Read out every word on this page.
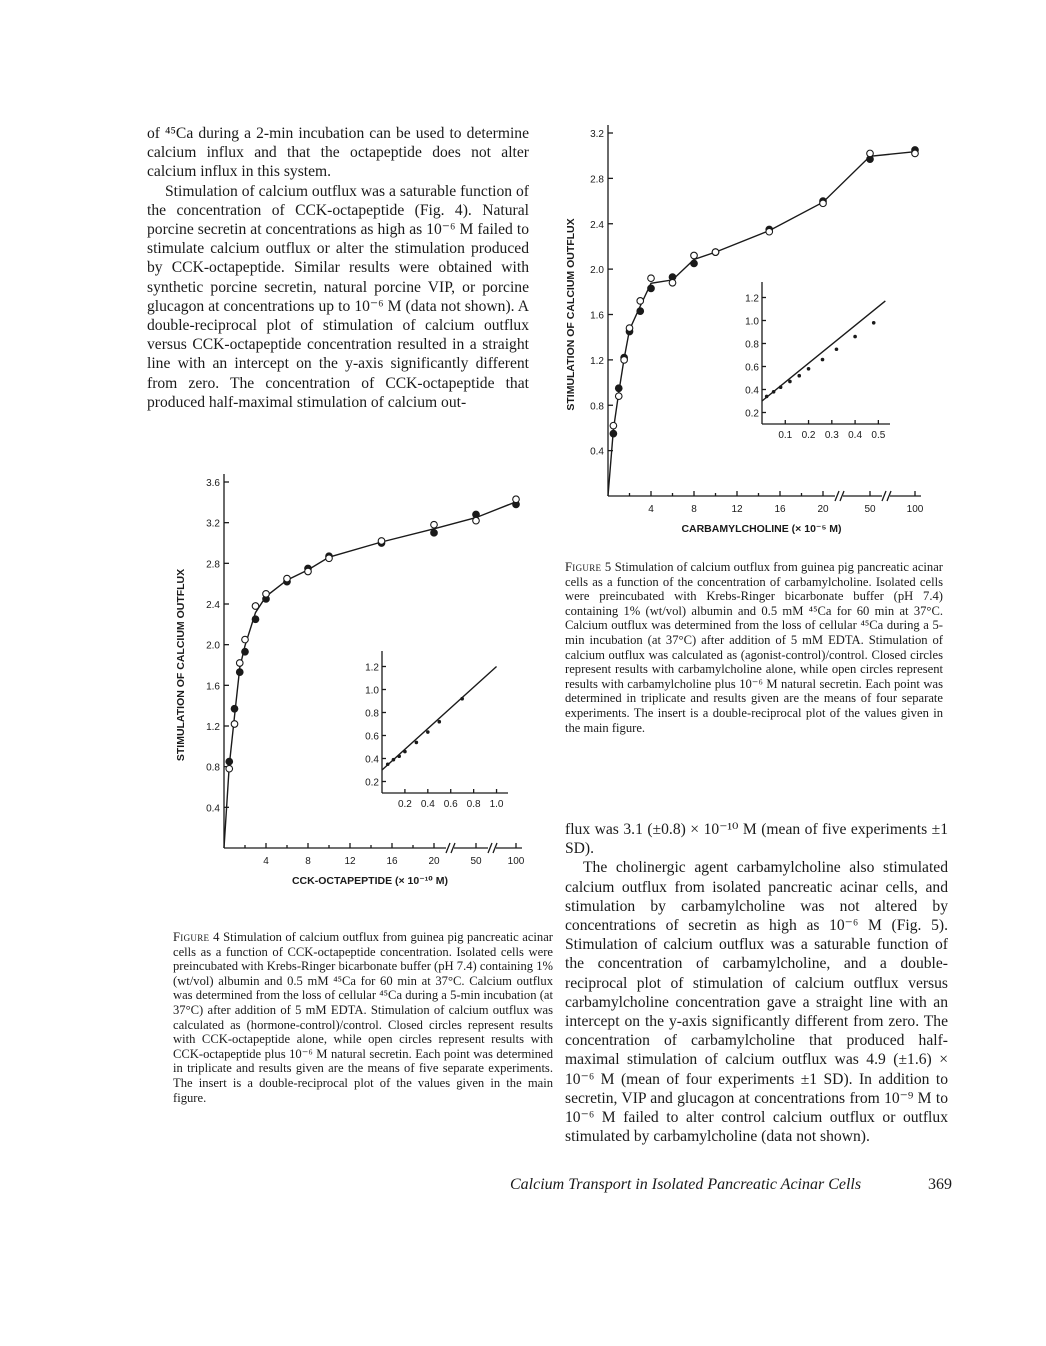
of ⁴⁵Ca during a 2-min incubation can be used to determine calcium influx and that the octapeptide does not alter calcium influx in this system.

Stimulation of calcium outflux was a saturable function of the concentration of CCK-octapeptide (Fig. 4). Natural porcine secretin at concentrations as high as 10⁻⁶ M failed to stimulate calcium outflux or alter the stimulation produced by CCK-octapeptide. Similar results were obtained with synthetic porcine secretin, natural porcine VIP, or porcine glucagon at concentrations up to 10⁻⁶ M (data not shown). A double-reciprocal plot of stimulation of calcium outflux versus CCK-octapeptide concentration resulted in a straight line with an intercept on the y-axis significantly different from zero. The concentration of CCK-octapeptide that produced half-maximal stimulation of calcium out-

0.4
0.8
1.2
1.6
2.0
2.4
2.8
3.2
3.6
4	8	12	16	20	50	100
CCK-OCTAPEPTIDE (× 10⁻¹⁰ M)
STIMULATION OF CALCIUM OUTFLUX
0.2
0.4
0.6
0.8
1.0
1.2
0.2 0.4 0.6 0.8 1.0

Figure 4 Stimulation of calcium outflux from guinea pig pancreatic acinar cells as a function of CCK-octapeptide concentration. Isolated cells were preincubated with Krebs-Ringer bicarbonate buffer (pH 7.4) containing 1% (wt/vol) albumin and 0.5 mM ⁴⁵Ca for 60 min at 37°C. Calcium outflux was determined from the loss of cellular ⁴⁵Ca during a 5-min incubation (at 37°C) after addition of 5 mM EDTA. Stimulation of calcium outflux was calculated as (hormone-control)/control. Closed circles represent results with CCK-octapeptide alone, while open circles represent results with CCK-octapeptide plus 10⁻⁶ M natural secretin. Each point was determined in triplicate and results given are the means of five separate experiments. The insert is a double-reciprocal plot of the values given in the main figure.

0.4
0.8
1.2
1.6
2.0
2.4
2.8
3.2
4	8	12	16	20	50	100
CARBAMYLCHOLINE (× 10⁻⁵ M)
STIMULATION OF CALCIUM OUTFLUX
0.2
0.4
0.6
0.8
1.0
1.2
0.1 0.2 0.3 0.4 0.5

Figure 5 Stimulation of calcium outflux from guinea pig pancreatic acinar cells as a function of the concentration of carbamylcholine. Isolated cells were preincubated with Krebs-Ringer bicarbonate buffer (pH 7.4) containing 1% (wt/vol) albumin and 0.5 mM ⁴⁵Ca for 60 min at 37°C. Calcium outflux was determined from the loss of cellular ⁴⁵Ca during a 5-min incubation (at 37°C) after addition of 5 mM EDTA. Stimulation of calcium outflux was calculated as (agonist-control)/control. Closed circles represent results with carbamylcholine alone, while open circles represent results with carbamylcholine plus 10⁻⁶ M natural secretin. Each point was determined in triplicate and results given are the means of four separate experiments. The insert is a double-reciprocal plot of the values given in the main figure.

flux was 3.1 (±0.8) × 10⁻¹⁰ M (mean of five experiments ±1 SD).

The cholinergic agent carbamylcholine also stimulated calcium outflux from isolated pancreatic acinar cells, and stimulation by carbamylcholine was not altered by concentrations of secretin as high as 10⁻⁶ M (Fig. 5). Stimulation of calcium outflux was a saturable function of the concentration of carbamylcholine, and a double-reciprocal plot of stimulation of calcium outflux versus carbamylcholine concentration gave a straight line with an intercept on the y-axis significantly different from zero. The concentration of carbamylcholine that produced half-maximal stimulation of calcium outflux was 4.9 (±1.6) × 10⁻⁶ M (mean of four experiments ±1 SD). In addition to secretin, VIP and glucagon at concentrations from 10⁻⁹ M to 10⁻⁶ M failed to alter control calcium outflux or outflux stimulated by carbamylcholine (data not shown).

Calcium Transport in Isolated Pancreatic Acinar Cells	369
